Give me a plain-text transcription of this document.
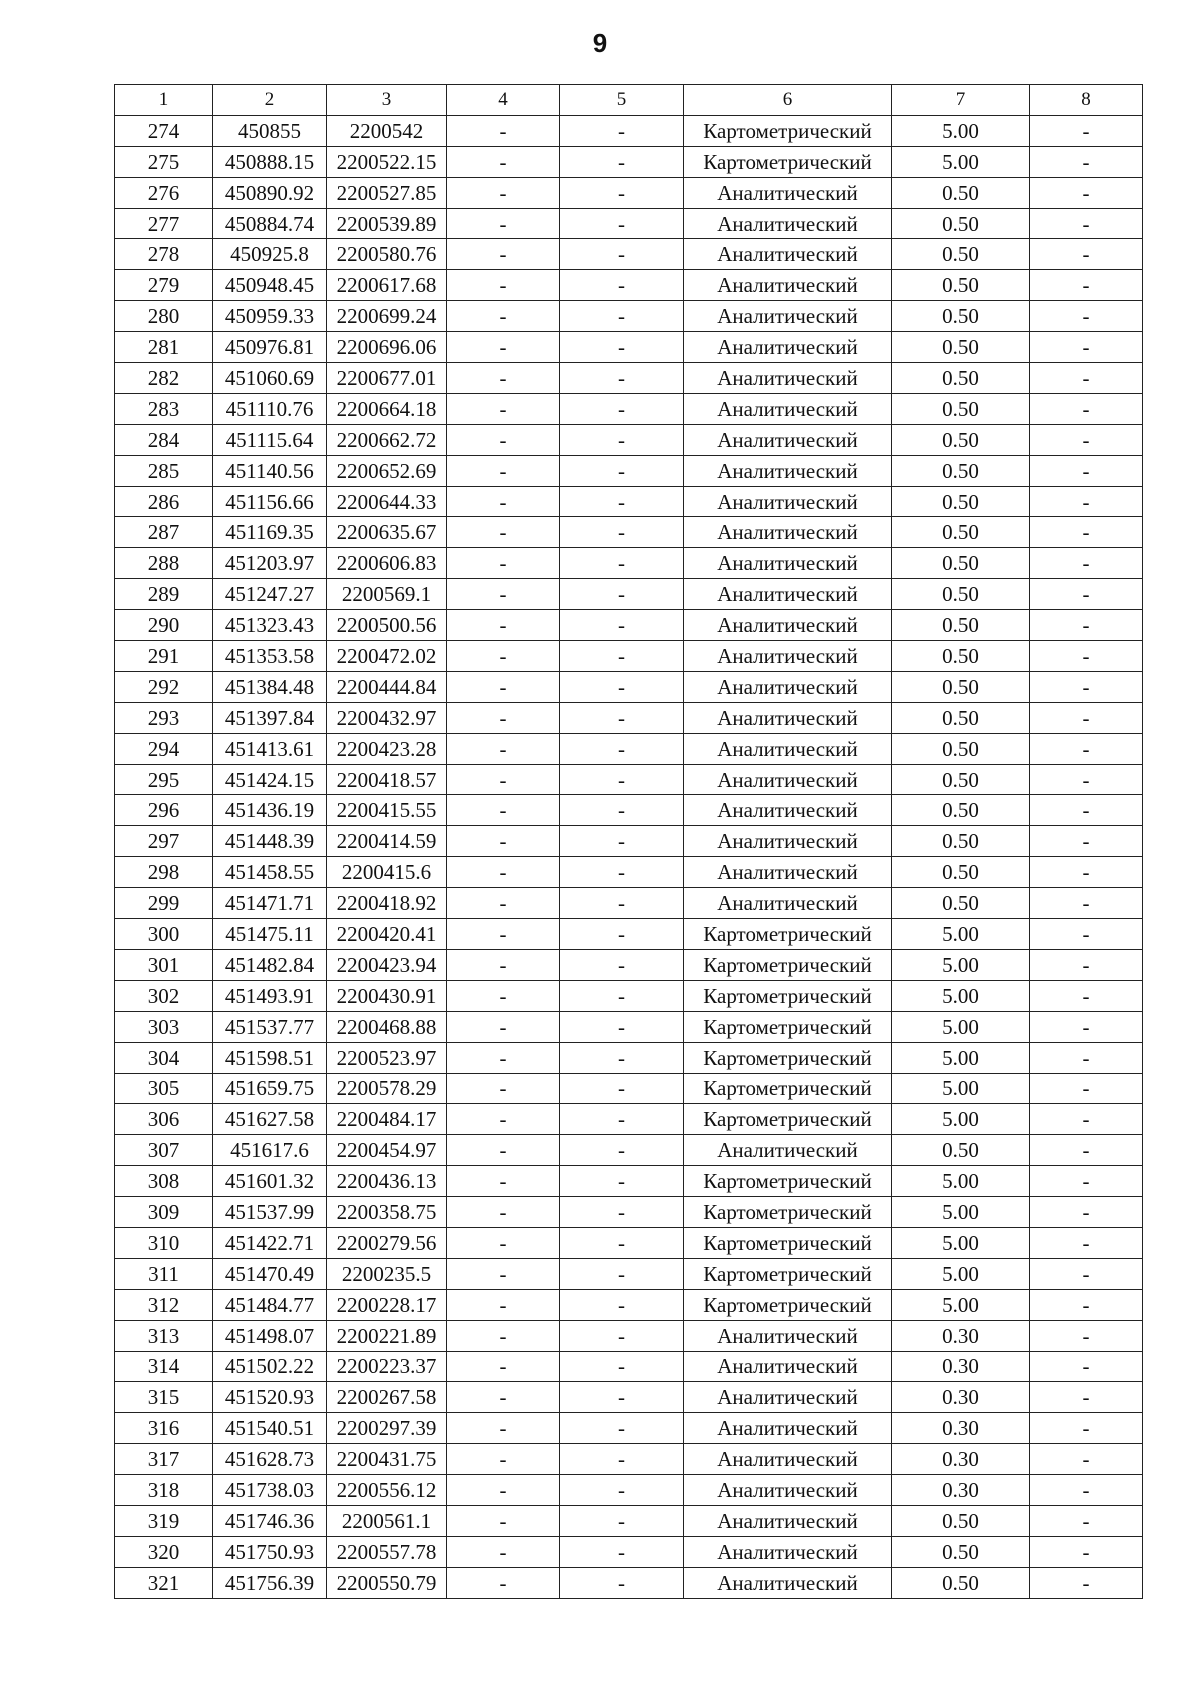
9
1	2	3	4	5	6	7	8
274	450855	2200542	-	-	Картометрический	5.00	-
275	450888.15	2200522.15	-	-	Картометрический	5.00	-
276	450890.92	2200527.85	-	-	Аналитический	0.50	-
277	450884.74	2200539.89	-	-	Аналитический	0.50	-
278	450925.8	2200580.76	-	-	Аналитический	0.50	-
279	450948.45	2200617.68	-	-	Аналитический	0.50	-
280	450959.33	2200699.24	-	-	Аналитический	0.50	-
281	450976.81	2200696.06	-	-	Аналитический	0.50	-
282	451060.69	2200677.01	-	-	Аналитический	0.50	-
283	451110.76	2200664.18	-	-	Аналитический	0.50	-
284	451115.64	2200662.72	-	-	Аналитический	0.50	-
285	451140.56	2200652.69	-	-	Аналитический	0.50	-
286	451156.66	2200644.33	-	-	Аналитический	0.50	-
287	451169.35	2200635.67	-	-	Аналитический	0.50	-
288	451203.97	2200606.83	-	-	Аналитический	0.50	-
289	451247.27	2200569.1	-	-	Аналитический	0.50	-
290	451323.43	2200500.56	-	-	Аналитический	0.50	-
291	451353.58	2200472.02	-	-	Аналитический	0.50	-
292	451384.48	2200444.84	-	-	Аналитический	0.50	-
293	451397.84	2200432.97	-	-	Аналитический	0.50	-
294	451413.61	2200423.28	-	-	Аналитический	0.50	-
295	451424.15	2200418.57	-	-	Аналитический	0.50	-
296	451436.19	2200415.55	-	-	Аналитический	0.50	-
297	451448.39	2200414.59	-	-	Аналитический	0.50	-
298	451458.55	2200415.6	-	-	Аналитический	0.50	-
299	451471.71	2200418.92	-	-	Аналитический	0.50	-
300	451475.11	2200420.41	-	-	Картометрический	5.00	-
301	451482.84	2200423.94	-	-	Картометрический	5.00	-
302	451493.91	2200430.91	-	-	Картометрический	5.00	-
303	451537.77	2200468.88	-	-	Картометрический	5.00	-
304	451598.51	2200523.97	-	-	Картометрический	5.00	-
305	451659.75	2200578.29	-	-	Картометрический	5.00	-
306	451627.58	2200484.17	-	-	Картометрический	5.00	-
307	451617.6	2200454.97	-	-	Аналитический	0.50	-
308	451601.32	2200436.13	-	-	Картометрический	5.00	-
309	451537.99	2200358.75	-	-	Картометрический	5.00	-
310	451422.71	2200279.56	-	-	Картометрический	5.00	-
311	451470.49	2200235.5	-	-	Картометрический	5.00	-
312	451484.77	2200228.17	-	-	Картометрический	5.00	-
313	451498.07	2200221.89	-	-	Аналитический	0.30	-
314	451502.22	2200223.37	-	-	Аналитический	0.30	-
315	451520.93	2200267.58	-	-	Аналитический	0.30	-
316	451540.51	2200297.39	-	-	Аналитический	0.30	-
317	451628.73	2200431.75	-	-	Аналитический	0.30	-
318	451738.03	2200556.12	-	-	Аналитический	0.30	-
319	451746.36	2200561.1	-	-	Аналитический	0.50	-
320	451750.93	2200557.78	-	-	Аналитический	0.50	-
321	451756.39	2200550.79	-	-	Аналитический	0.50	-
